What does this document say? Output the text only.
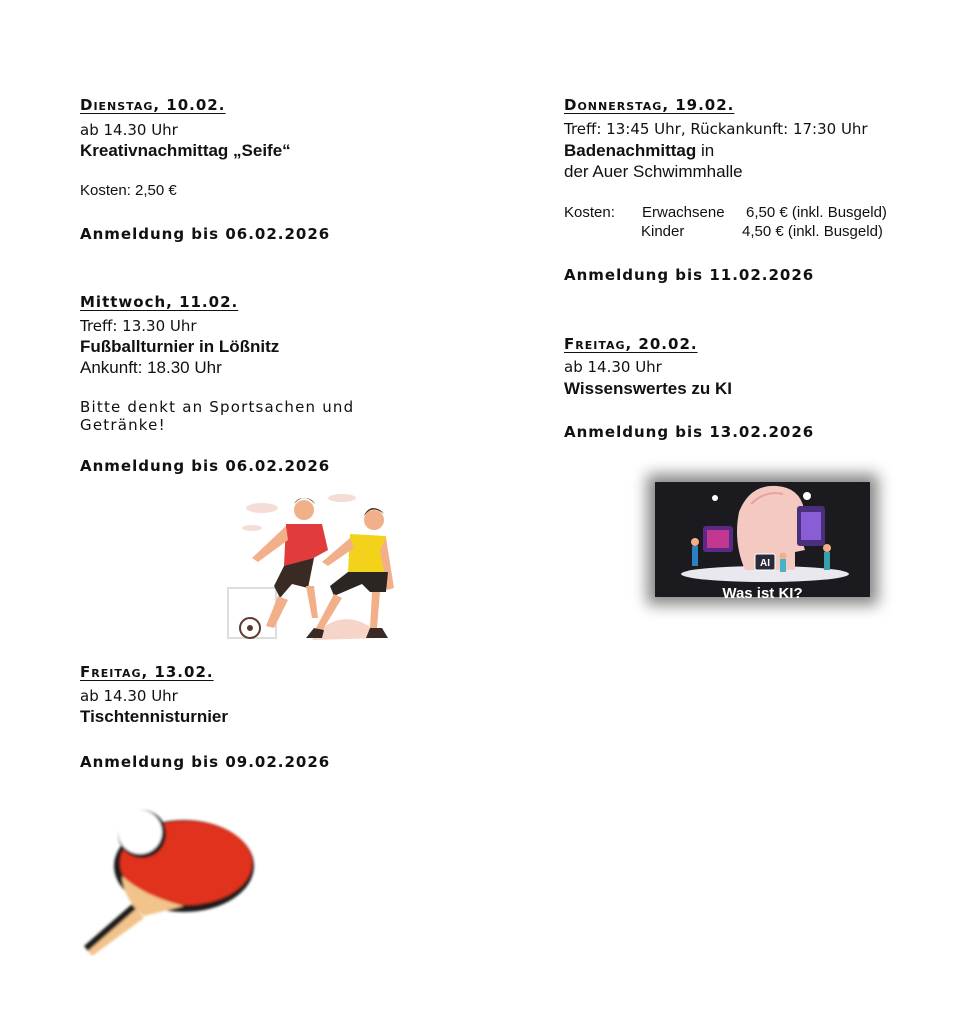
Dienstag, 10.02.
ab 14.30 Uhr
Kreativnachmittag „Seife“
Kosten: 2,50 €
Anmeldung bis 06.02.2026
Mittwoch, 11.02.
Treff: 13.30 Uhr
Fußballturnier in Lößnitz
Ankunft: 18.30 Uhr
Bitte denkt an Sportsachen und
Getränke!
Anmeldung bis 06.02.2026
Freitag, 13.02.
ab 14.30 Uhr
Tischtennisturnier
Anmeldung bis 09.02.2026
Donnerstag, 19.02.
Treff: 13:45 Uhr, Rückankunft: 17:30 Uhr
Badenachmittag in
der Auer Schwimmhalle
Kosten: Erwachsene 6,50 € (inkl. Busgeld)
Kinder	4,50 € (inkl. Busgeld)
Anmeldung bis 11.02.2026
Freitag, 20.02.
ab 14.30 Uhr
Wissenswertes zu KI
Anmeldung bis 13.02.2026
AI
Was ist KI?
